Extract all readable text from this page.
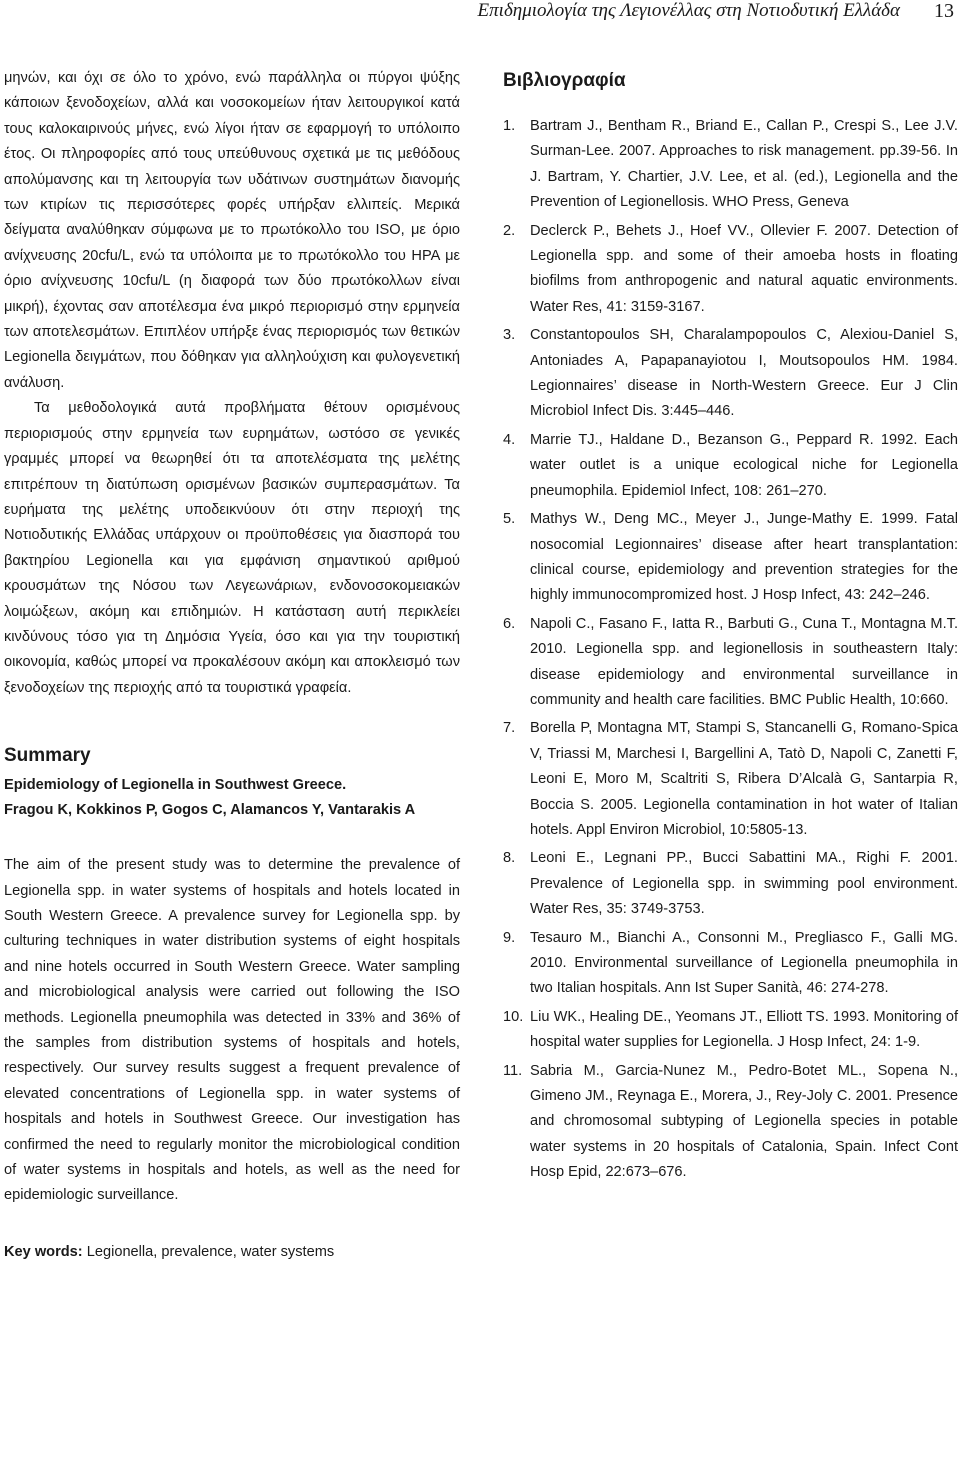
Επιδημιολογία της Λεγιονέλλας στη Νοτιοδυτική Ελλάδα 13

μηνών, και όχι σε όλο το χρόνο, ενώ παράλληλα οι πύργοι ψύξης κάποιων ξενοδοχείων, αλλά και νοσοκομείων ήταν λειτουργικοί κατά τους καλοκαιρινούς μήνες, ενώ λίγοι ήταν σε εφαρμογή το υπόλοιπο έτος. Οι πληροφορίες από τους υπεύθυνους σχετικά με τις μεθόδους απολύμανσης και τη λειτουργία των υδάτινων συστημάτων διανομής των κτιρίων τις περισσότερες φορές υπήρξαν ελλιπείς. Μερικά δείγματα αναλύθηκαν σύμφωνα με το πρωτόκολλο του ISO, με όριο ανίχνευσης 20cfu/L, ενώ τα υπόλοιπα με το πρωτόκολλο του HPA με όριο ανίχνευσης 10cfu/L (η διαφορά των δύο πρωτόκολλων είναι μικρή), έχοντας σαν αποτέλεσμα ένα μικρό περιορισμό στην ερμηνεία των αποτελεσμάτων. Επιπλέον υπήρξε ένας περιορισμός των θετικών Legionella δειγμάτων, που δόθηκαν για αλληλούχιση και φυλογενετική ανάλυση.

Τα μεθοδολογικά αυτά προβλήματα θέτουν ορισμένους περιορισμούς στην ερμηνεία των ευρημάτων, ωστόσο σε γενικές γραμμές μπορεί να θεωρηθεί ότι τα αποτελέσματα της μελέτης επιτρέπουν τη διατύπωση ορισμένων βασικών συμπερασμάτων. Τα ευρήματα της μελέτης υποδεικνύουν ότι στην περιοχή της Νοτιοδυτικής Ελλάδας υπάρχουν οι προϋποθέσεις για διασπορά του βακτηρίου Legionella και για εμφάνιση σημαντικού αριθμού κρουσμάτων της Νόσου των Λεγεωνάριων, ενδονοσοκομειακών λοιμώξεων, ακόμη και επιδημιών. Η κατάσταση αυτή περικλείει κινδύνους τόσο για τη Δημόσια Υγεία, όσο και για την τουριστική οικονομία, καθώς μπορεί να προκαλέσουν ακόμη και αποκλεισμό των ξενοδοχείων της περιοχής από τα τουριστικά γραφεία.

Summary

Epidemiology of Legionella in Southwest Greece.

Fragou K, Kokkinos P, Gogos C, Alamancos Y, Vantarakis A

The aim of the present study was to determine the prevalence of Legionella spp. in water systems of hospitals and hotels located in South Western Greece. A prevalence survey for Legionella spp. by culturing techniques in water distribution systems of eight hospitals and nine hotels occurred in South Western Greece. Water sampling and microbiological analysis were carried out following the ISO methods. Legionella pneumophila was detected in 33% and 36% of the samples from distribution systems of hospitals and hotels, respectively. Our survey results suggest a frequent prevalence of elevated concentrations of Legionella spp. in water systems of hospitals and hotels in Southwest Greece. Our investigation has confirmed the need to regularly monitor the microbiological condition of water systems in hospitals and hotels, as well as the need for epidemiologic surveillance.

Key words: Legionella, prevalence, water systems

Βιβλιογραφία
1. Bartram J., Bentham R., Briand E., Callan P., Crespi S., Lee J.V. Surman-Lee. 2007. Approaches to risk management. pp.39-56. In J. Bartram, Y. Chartier, J.V. Lee, et al. (ed.), Legionella and the Prevention of Legionellosis. WHO Press, Geneva
2. Declerck P., Behets J., Hoef VV., Ollevier F. 2007. Detection of Legionella spp. and some of their amoeba hosts in floating biofilms from anthropogenic and natural aquatic environments. Water Res, 41: 3159-3167.
3. Constantopoulos SH, Charalampopoulos C, Alexiou-Daniel S, Antoniades A, Papapanayiotou I, Moutsopoulos HM. 1984. Legionnaires’ disease in North-Western Greece. Eur J Clin Microbiol Infect Dis. 3:445–446.
4. Marrie TJ., Haldane D., Bezanson G., Peppard R. 1992. Each water outlet is a unique ecological niche for Legionella pneumophila. Epidemiol Infect, 108: 261–270.
5. Mathys W., Deng MC., Meyer J., Junge-Mathy E. 1999. Fatal nosocomial Legionnaires’ disease after heart transplantation: clinical course, epidemiology and prevention strategies for the highly immunocompromized host. J Hosp Infect, 43: 242–246.
6. Napoli C., Fasano F., Iatta R., Barbuti G., Cuna T., Montagna M.T. 2010. Legionella spp. and legionellosis in southeastern Italy: disease epidemiology and environmental surveillance in community and health care facilities. BMC Public Health, 10:660.
7. Borella P, Montagna MT, Stampi S, Stancanelli G, Romano-Spica V, Triassi M, Marchesi I, Bargellini A, Tatò D, Napoli C, Zanetti F, Leoni E, Moro M, Scaltriti S, Ribera D’Alcalà G, Santarpia R, Boccia S. 2005. Legionella contamination in hot water of Italian hotels. Appl Environ Microbiol, 10:5805-13.
8. Leoni E., Legnani PP., Bucci Sabattini MA., Righi F. 2001. Prevalence of Legionella spp. in swimming pool environment. Water Res, 35: 3749-3753.
9. Tesauro M., Bianchi A., Consonni M., Pregliasco F., Galli MG. 2010. Environmental surveillance of Legionella pneumophila in two Italian hospitals. Ann Ist Super Sanità, 46: 274-278.
10. Liu WK., Healing DE., Yeomans JT., Elliott TS. 1993. Monitoring of hospital water supplies for Legionella. J Hosp Infect, 24: 1-9.
11. Sabria M., Garcia-Nunez M., Pedro-Botet ML., Sopena N., Gimeno JM., Reynaga E., Morera, J., Rey-Joly C. 2001. Presence and chromosomal subtyping of Legionella species in potable water systems in 20 hospitals of Catalonia, Spain. Infect Cont Hosp Epid, 22:673–676.
